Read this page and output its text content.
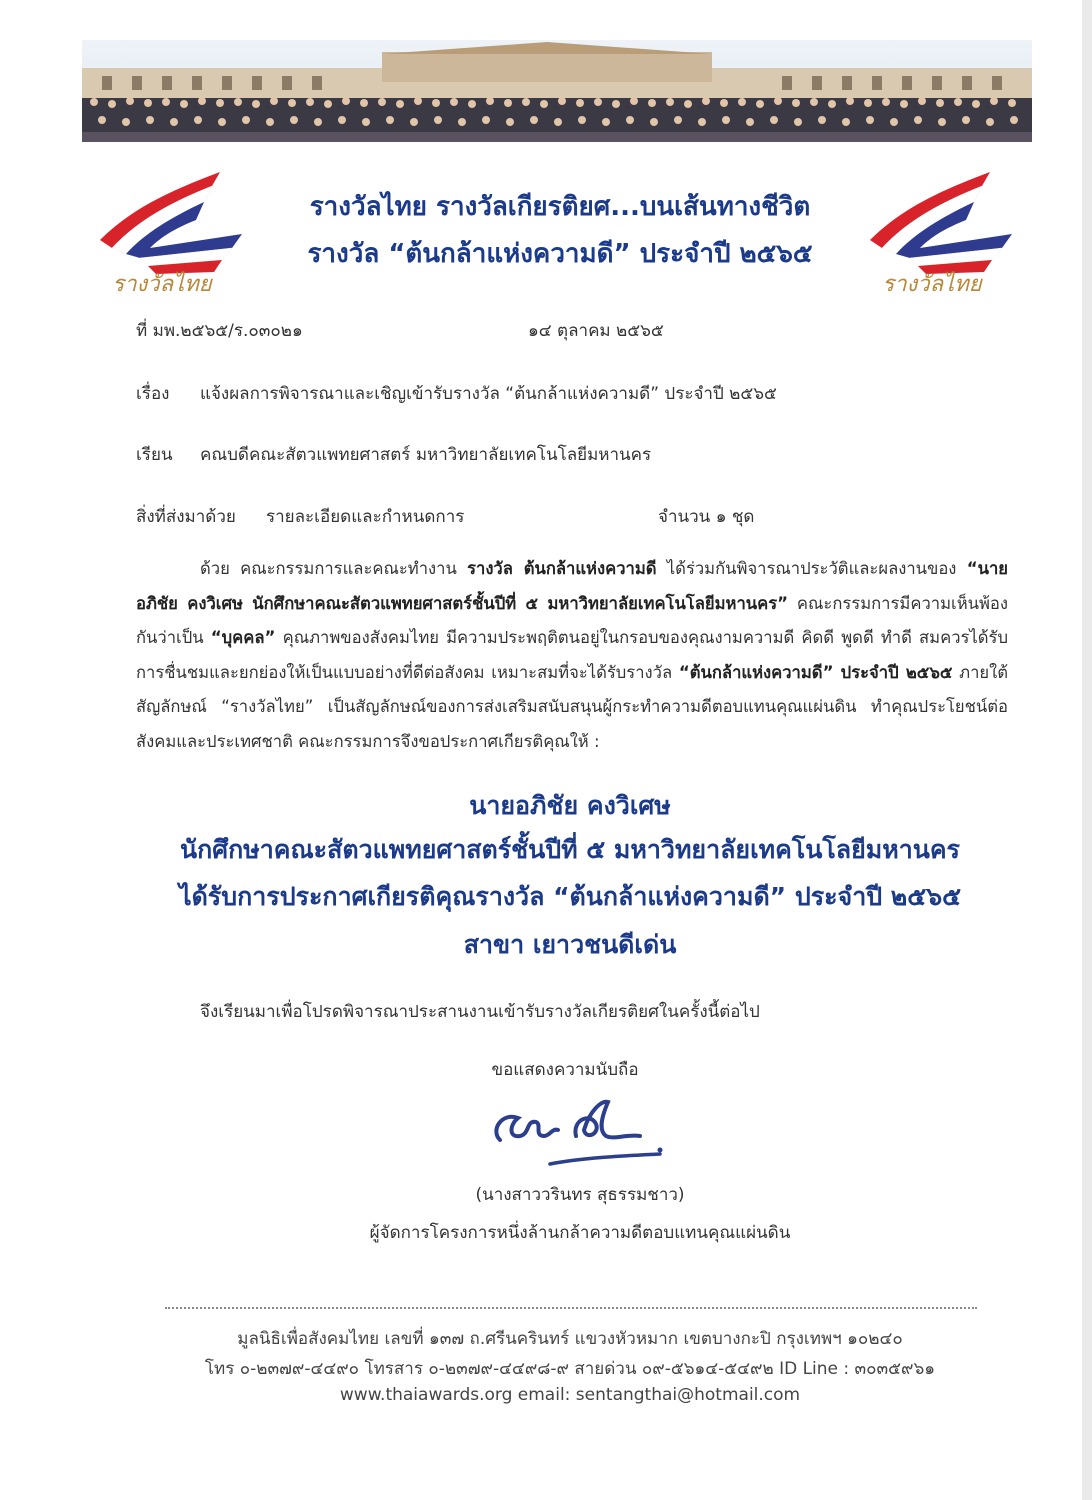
รางวัลไทย	รางวัลไทย
รางวัลไทย รางวัลเกียรติยศ...บนเส้นทางชีวิต
รางวัล “ต้นกล้าแห่งความดี” ประจำปี ๒๕๖๕
ที่ มพ.๒๕๖๕/ร.๐๓๐๒๑	๑๔ ตุลาคม ๒๕๖๕
เรื่อง แจ้งผลการพิจารณาและเชิญเข้ารับรางวัล “ต้นกล้าแห่งความดี” ประจำปี ๒๕๖๕
เรียน คณบดีคณะสัตวแพทยศาสตร์ มหาวิทยาลัยเทคโนโลยีมหานคร
สิ่งที่ส่งมาด้วย รายละเอียดและกำหนดการ	จำนวน ๑ ชุด
ด้วย คณะกรรมการและคณะทำงาน รางวัล ต้นกล้าแห่งความดี ได้ร่วมกันพิจารณาประวัติและผลงานของ “นายอภิชัย คงวิเศษ นักศึกษาคณะสัตวแพทยศาสตร์ชั้นปีที่ ๕ มหาวิทยาลัยเทคโนโลยีมหานคร” คณะกรรมการมีความเห็นพ้องกันว่าเป็น “บุคคล” คุณภาพของสังคมไทย มีความประพฤติตนอยู่ในกรอบของคุณงามความดี คิดดี พูดดี ทำดี สมควรได้รับการชื่นชมและยกย่องให้เป็นแบบอย่างที่ดีต่อสังคม เหมาะสมที่จะได้รับรางวัล “ต้นกล้าแห่งความดี” ประจำปี ๒๕๖๕ ภายใต้สัญลักษณ์ “รางวัลไทย” เป็นสัญลักษณ์ของการส่งเสริมสนับสนุนผู้กระทำความดีตอบแทนคุณแผ่นดิน ทำคุณประโยชน์ต่อสังคมและประเทศชาติ คณะกรรมการจึงขอประกาศเกียรติคุณให้ :
นายอภิชัย คงวิเศษ
นักศึกษาคณะสัตวแพทยศาสตร์ชั้นปีที่ ๕ มหาวิทยาลัยเทคโนโลยีมหานคร
ได้รับการประกาศเกียรติคุณรางวัล “ต้นกล้าแห่งความดี” ประจำปี ๒๕๖๕
สาขา เยาวชนดีเด่น
จึงเรียนมาเพื่อโปรดพิจารณาประสานงานเข้ารับรางวัลเกียรติยศในครั้งนี้ต่อไป
ขอแสดงความนับถือ
(นางสาววรินทร สุธรรมชาว)
ผู้จัดการโครงการหนึ่งล้านกล้าความดีตอบแทนคุณแผ่นดิน
มูลนิธิเพื่อสังคมไทย เลขที่ ๑๓๗ ถ.ศรีนครินทร์ แขวงหัวหมาก เขตบางกะปิ กรุงเทพฯ ๑๐๒๔๐
โทร ๐-๒๓๗๙-๔๔๙๐ โทรสาร ๐-๒๓๗๙-๔๔๙๘-๙ สายด่วน ๐๙-๕๖๑๔-๕๔๙๒ ID Line : ๓๐๓๕๙๖๑
www.thaiawards.org email: sentangthai@hotmail.com
